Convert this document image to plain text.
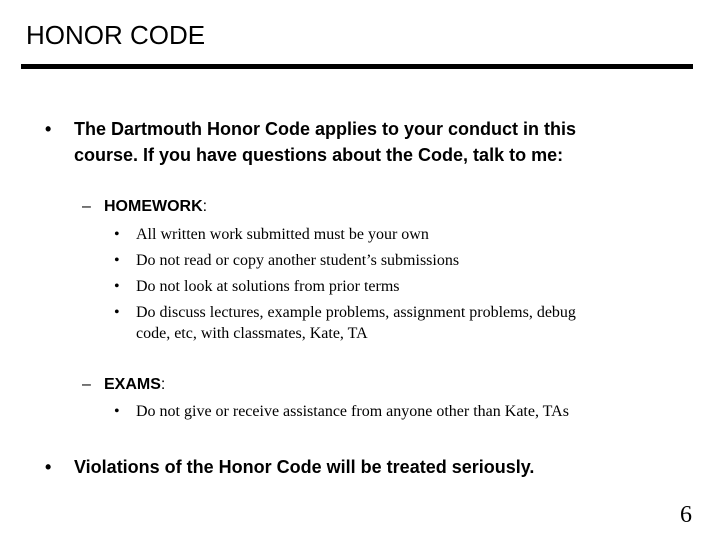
HONOR CODE
•	The Dartmouth Honor Code applies to your conduct in this
course. If you have questions about the Code, talk to me:
– HOMEWORK:
• All written work submitted must be your own
• Do not read or copy another student’s submissions
• Do not look at solutions from prior terms
• Do discuss lectures, example problems, assignment problems, debug
code, etc, with classmates, Kate, TA
– EXAMS:
• Do not give or receive assistance from anyone other than Kate, TAs
•	Violations of the Honor Code will be treated seriously.
6
